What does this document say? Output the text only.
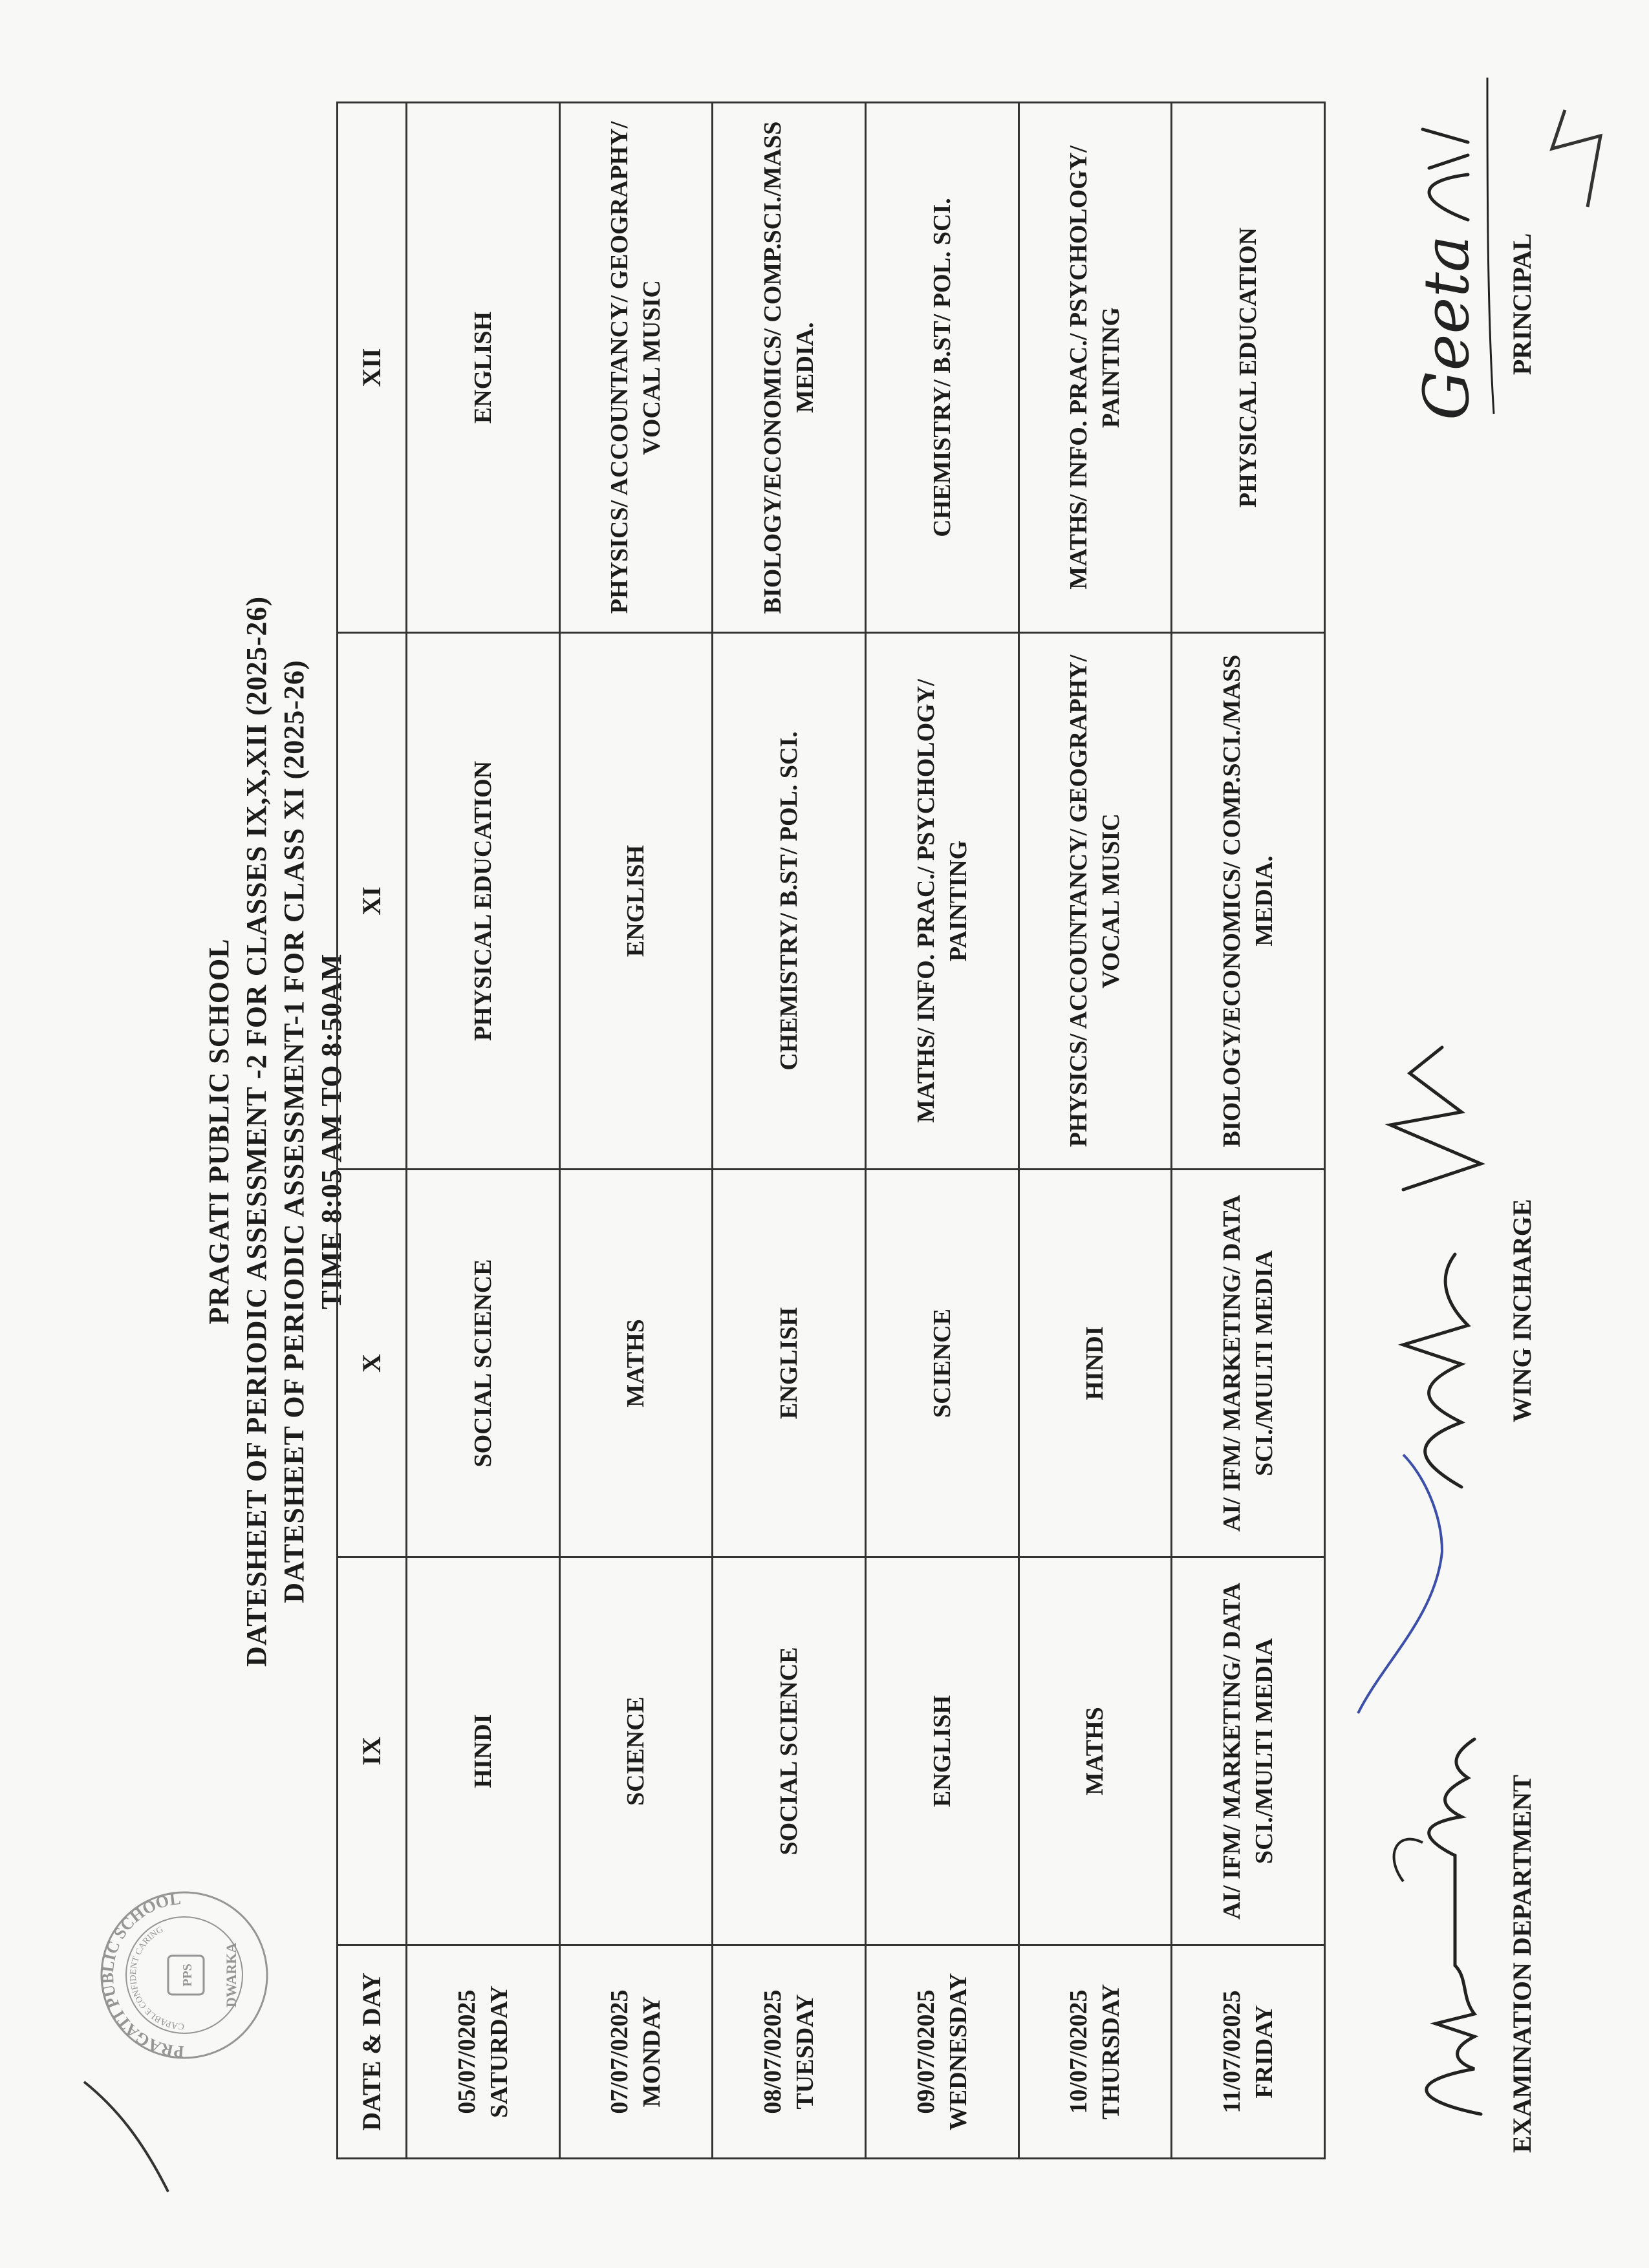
PRAGATI PUBLIC SCHOOL
CAPABLE CONFIDENT CARING
DWARKA
PPS
PRAGATI PUBLIC SCHOOL DATESHEET OF PERIODIC ASSESSMENT -2 FOR CLASSES IX,X,XII (2025-26) DATESHEET OF PERIODIC ASSESSMENT-1 FOR CLASS XI (2025-26) TIME 8:05 AM TO 8:50AM
DATE & DAY	IX	X	XI	XII
05/07/02025 SATURDAY	HINDI	SOCIAL SCIENCE	PHYSICAL EDUCATION	ENGLISH
07/07/02025 MONDAY	SCIENCE	MATHS	ENGLISH	PHYSICS/ ACCOUNTANCY/ GEOGRAPHY/ VOCAL MUSIC
08/07/02025 TUESDAY	SOCIAL SCIENCE	ENGLISH	CHEMISTRY/ B.ST/ POL. SCI.	BIOLOGY/ECONOMICS/ COMP.SCI./MASS MEDIA.
09/07/02025 WEDNESDAY	ENGLISH	SCIENCE	MATHS/ INFO. PRAC./ PSYCHOLOGY/ PAINTING	CHEMISTRY/ B.ST/ POL. SCI.
10/07/02025 THURSDAY	MATHS	HINDI	PHYSICS/ ACCOUNTANCY/ GEOGRAPHY/ VOCAL MUSIC	MATHS/ INFO. PRAC./ PSYCHOLOGY/ PAINTING
11/07/02025 FRIDAY	AI/ IFM/ MARKETING/ DATA SCI./MULTI MEDIA	AI/ IFM/ MARKETING/ DATA SCI./MULTI MEDIA	BIOLOGY/ECONOMICS/ COMP.SCI./MASS MEDIA.	PHYSICAL EDUCATION Geeta
EXAMINATION DEPARTMENT
WING INCHARGE
PRINCIPAL
